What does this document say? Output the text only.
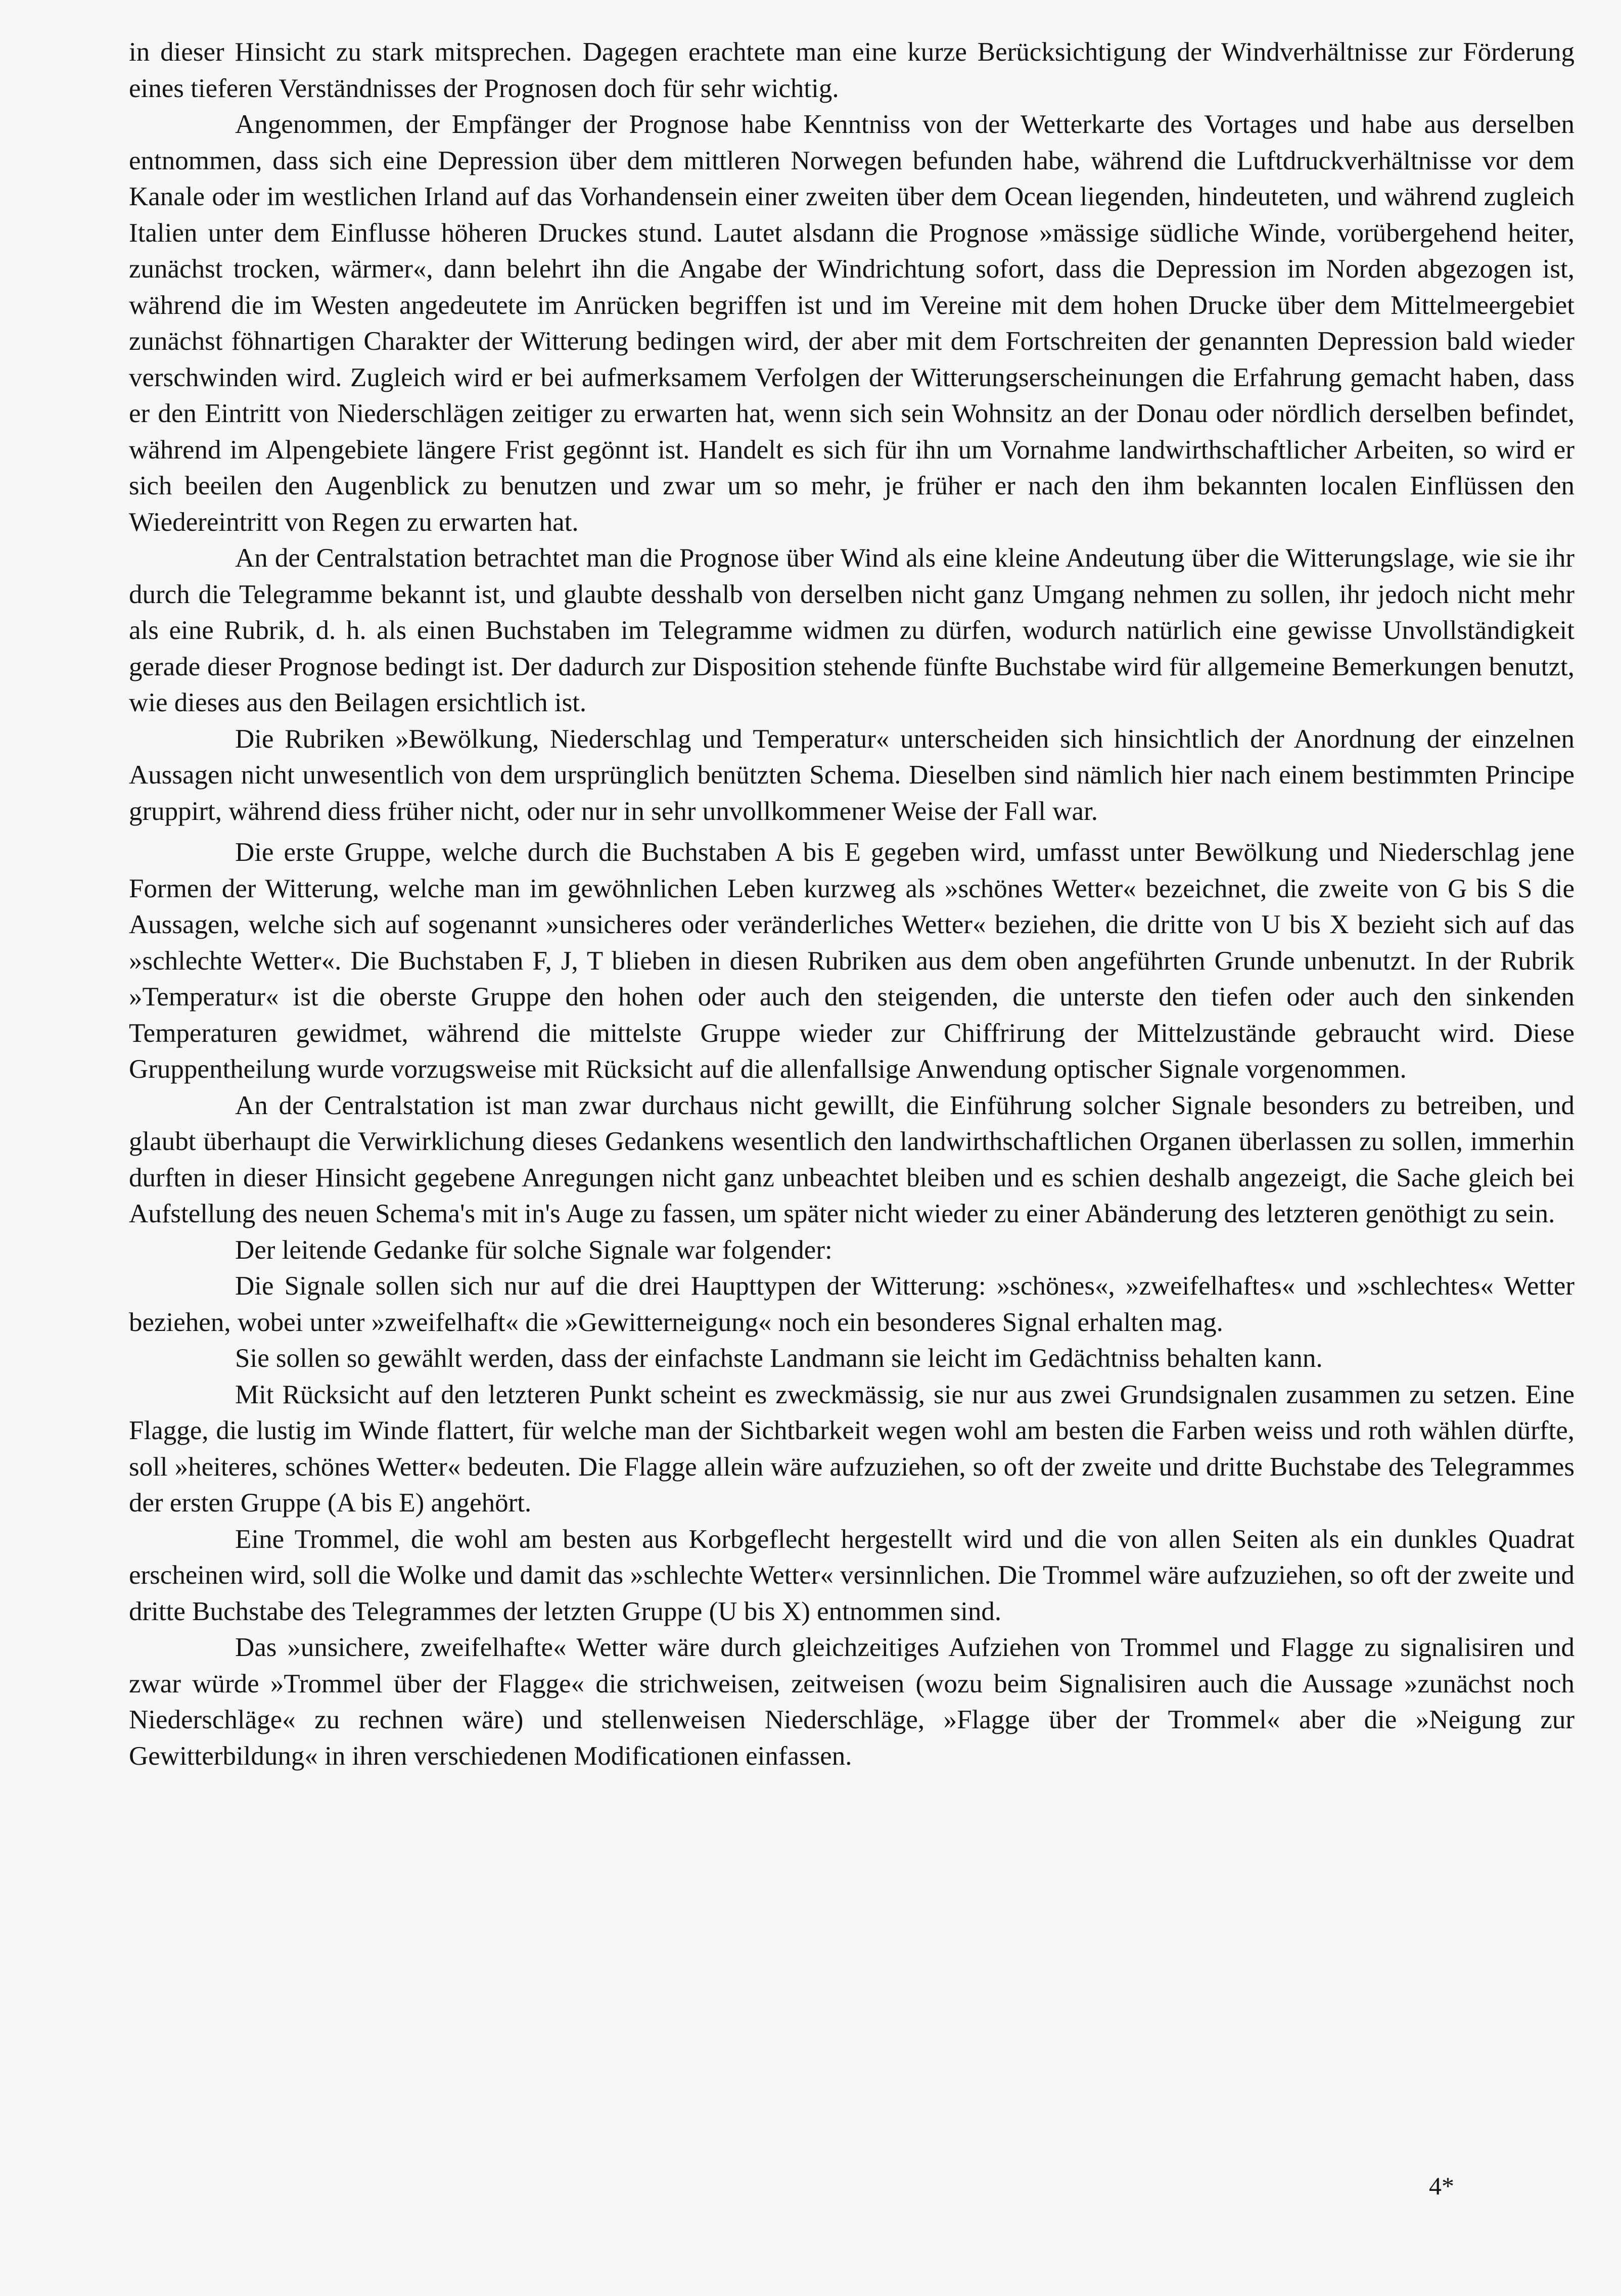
in dieser Hinsicht zu stark mitsprechen. Dagegen erachtete man eine kurze Berücksichtigung der Windverhältnisse zur Förderung eines tieferen Verständnisses der Prognosen doch für sehr wichtig.

Angenommen, der Empfänger der Prognose habe Kenntniss von der Wetterkarte des Vortages und habe aus derselben entnommen, dass sich eine Depression über dem mittleren Norwegen befunden habe, während die Luftdruckverhältnisse vor dem Kanale oder im westlichen Irland auf das Vorhandensein einer zweiten über dem Ocean liegenden, hindeuteten, und während zugleich Italien unter dem Einflusse höheren Druckes stund. Lautet alsdann die Prognose »mässige südliche Winde, vorübergehend heiter, zunächst trocken, wärmer«, dann belehrt ihn die Angabe der Windrichtung sofort, dass die Depression im Norden abgezogen ist, während die im Westen angedeutete im Anrücken begriffen ist und im Vereine mit dem hohen Drucke über dem Mittelmeergebiet zunächst föhnartigen Charakter der Witterung bedingen wird, der aber mit dem Fortschreiten der genannten Depression bald wieder verschwinden wird. Zugleich wird er bei aufmerksamem Verfolgen der Witterungserscheinungen die Erfahrung gemacht haben, dass er den Eintritt von Niederschlägen zeitiger zu erwarten hat, wenn sich sein Wohnsitz an der Donau oder nördlich derselben befindet, während im Alpengebiete längere Frist gegönnt ist. Handelt es sich für ihn um Vornahme landwirthschaftlicher Arbeiten, so wird er sich beeilen den Augenblick zu benutzen und zwar um so mehr, je früher er nach den ihm bekannten localen Einflüssen den Wiedereintritt von Regen zu erwarten hat.

An der Centralstation betrachtet man die Prognose über Wind als eine kleine Andeutung über die Witterungslage, wie sie ihr durch die Telegramme bekannt ist, und glaubte desshalb von derselben nicht ganz Umgang nehmen zu sollen, ihr jedoch nicht mehr als eine Rubrik, d. h. als einen Buchstaben im Telegramme widmen zu dürfen, wodurch natürlich eine gewisse Unvollständigkeit gerade dieser Prognose bedingt ist. Der dadurch zur Disposition stehende fünfte Buchstabe wird für allgemeine Bemerkungen benutzt, wie dieses aus den Beilagen ersichtlich ist.

Die Rubriken »Bewölkung, Niederschlag und Temperatur« unterscheiden sich hinsichtlich der Anordnung der einzelnen Aussagen nicht unwesentlich von dem ursprünglich benützten Schema. Dieselben sind nämlich hier nach einem bestimmten Principe gruppirt, während diess früher nicht, oder nur in sehr unvollkommener Weise der Fall war.

Die erste Gruppe, welche durch die Buchstaben A bis E gegeben wird, umfasst unter Bewölkung und Niederschlag jene Formen der Witterung, welche man im gewöhnlichen Leben kurzweg als »schönes Wetter« bezeichnet, die zweite von G bis S die Aussagen, welche sich auf sogenannt »unsicheres oder veränderliches Wetter« beziehen, die dritte von U bis X bezieht sich auf das »schlechte Wetter«. Die Buchstaben F, J, T blieben in diesen Rubriken aus dem oben angeführten Grunde unbenutzt. In der Rubrik »Temperatur« ist die oberste Gruppe den hohen oder auch den steigenden, die unterste den tiefen oder auch den sinkenden Temperaturen gewidmet, während die mittelste Gruppe wieder zur Chiffrirung der Mittelzustände gebraucht wird. Diese Gruppentheilung wurde vorzugsweise mit Rücksicht auf die allenfallsige Anwendung optischer Signale vorgenommen.

An der Centralstation ist man zwar durchaus nicht gewillt, die Einführung solcher Signale besonders zu betreiben, und glaubt überhaupt die Verwirklichung dieses Gedankens wesentlich den landwirthschaftlichen Organen überlassen zu sollen, immerhin durften in dieser Hinsicht gegebene Anregungen nicht ganz unbeachtet bleiben und es schien deshalb angezeigt, die Sache gleich bei Aufstellung des neuen Schema's mit in's Auge zu fassen, um später nicht wieder zu einer Abänderung des letzteren genöthigt zu sein.

Der leitende Gedanke für solche Signale war folgender:

Die Signale sollen sich nur auf die drei Haupttypen der Witterung: »schönes«, »zweifelhaftes« und »schlechtes« Wetter beziehen, wobei unter »zweifelhaft« die »Gewitterneigung« noch ein besonderes Signal erhalten mag.

Sie sollen so gewählt werden, dass der einfachste Landmann sie leicht im Gedächtniss behalten kann.

Mit Rücksicht auf den letzteren Punkt scheint es zweckmässig, sie nur aus zwei Grundsignalen zusammen zu setzen. Eine Flagge, die lustig im Winde flattert, für welche man der Sichtbarkeit wegen wohl am besten die Farben weiss und roth wählen dürfte, soll »heiteres, schönes Wetter« bedeuten. Die Flagge allein wäre aufzuziehen, so oft der zweite und dritte Buchstabe des Telegrammes der ersten Gruppe (A bis E) angehört.

Eine Trommel, die wohl am besten aus Korbgeflecht hergestellt wird und die von allen Seiten als ein dunkles Quadrat erscheinen wird, soll die Wolke und damit das »schlechte Wetter« versinnlichen. Die Trommel wäre aufzuziehen, so oft der zweite und dritte Buchstabe des Telegrammes der letzten Gruppe (U bis X) entnommen sind.

Das »unsichere, zweifelhafte« Wetter wäre durch gleichzeitiges Aufziehen von Trommel und Flagge zu signalisiren und zwar würde »Trommel über der Flagge« die strichweisen, zeitweisen (wozu beim Signalisiren auch die Aussage »zunächst noch Niederschläge« zu rechnen wäre) und stellenweisen Niederschläge, »Flagge über der Trommel« aber die »Neigung zur Gewitterbildung« in ihren verschiedenen Modificationen einfassen.

4*
